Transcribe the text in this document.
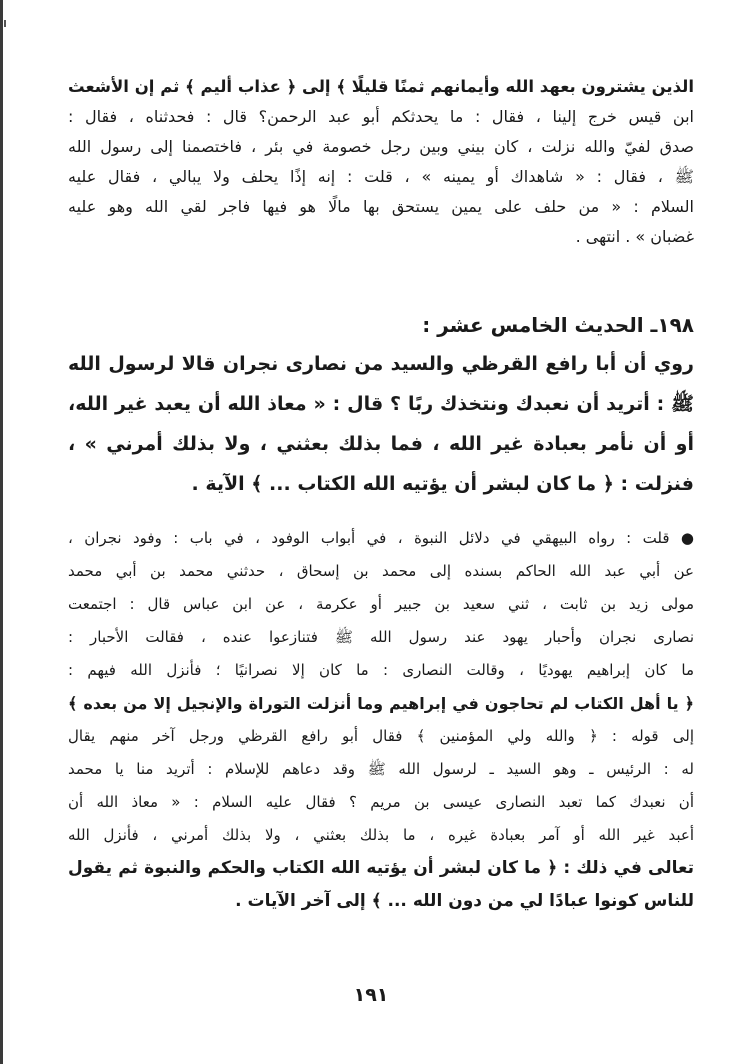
الذين يشترون بعهد الله وأيمانهم ثمنًا قليلًا ﴾ إلى ﴿ عذاب أليم ﴾ ثم إن الأشعث
ابن قيس خرج إلينا ، فقال : ما يحدثكم أبو عبد الرحمن؟ قال : فحدثناه ، فقال :
صدق لفيّ والله نزلت ، كان بيني وبين رجل خصومة في بئر ، فاختصمنا إلى رسول الله
ﷺ ، فقال : « شاهداك أو يمينه » ، قلت : إنه إذًا يحلف ولا يبالي ، فقال عليه
السلام : « من حلف على يمين يستحق بها مالًا هو فيها فاجر لقي الله وهو عليه
غضبان » . انتهى .
١٩٨ـ الحديث الخامس عشر :
روي أن أبا رافع القرظي والسيد من نصارى نجران قالا لرسول الله
ﷺ : أتريد أن نعبدك ونتخذك ربًا ؟ قال : « معاذ الله أن يعبد غير الله،
أو أن نأمر بعبادة غير الله ، فما بذلك بعثني ، ولا بذلك أمرني » ،
فنزلت : ﴿ ما كان لبشر أن يؤتيه الله الكتاب ... ﴾ الآية .
● قلت : رواه البيهقي في دلائل النبوة ، في أبواب الوفود ، في باب : وفود نجران ،
عن أبي عبد الله الحاكم بسنده إلى محمد بن إسحاق ، حدثني محمد بن أبي محمد
مولى زيد بن ثابت ، ثني سعيد بن جبير أو عكرمة ، عن ابن عباس قال : اجتمعت
نصارى نجران وأحبار يهود عند رسول الله ﷺ فتنازعوا عنده ، فقالت الأحبار :
ما كان إبراهيم يهوديًا ، وقالت النصارى : ما كان إلا نصرانيًا ؛ فأنزل الله فيهم :
﴿ يا أهل الكتاب لم تحاجون في إبراهيم وما أنزلت التوراة والإنجيل إلا من بعده ﴾
إلى قوله : ﴿ والله ولي المؤمنين ﴾ فقال أبو رافع القرظي ورجل آخر منهم يقال
له : الرئيس ـ وهو السيد ـ لرسول الله ﷺ وقد دعاهم للإسلام : أتريد منا يا محمد
أن نعبدك كما تعبد النصارى عيسى بن مريم ؟ فقال عليه السلام : « معاذ الله أن
أعبد غير الله أو آمر بعبادة غيره ، ما بذلك بعثني ، ولا بذلك أمرني ، فأنزل الله
تعالى في ذلك : ﴿ ما كان لبشر أن يؤتيه الله الكتاب والحكم والنبوة ثم يقول
للناس كونوا عبادًا لي من دون الله ... ﴾ إلى آخر الآيات .
١٩١
